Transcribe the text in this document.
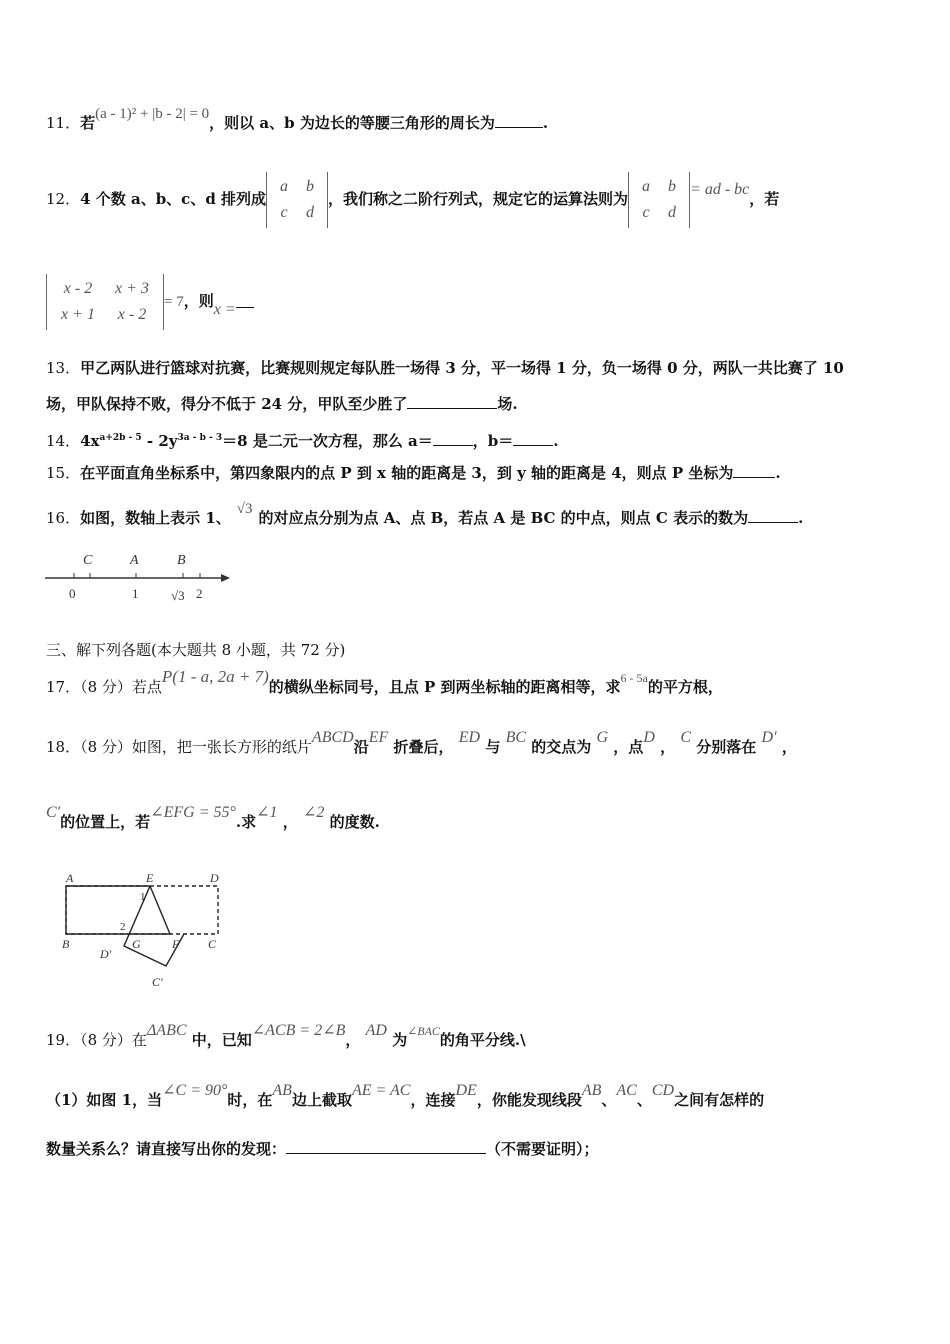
11．若(a - 1)² + |b - 2| = 0，则以 a、b 为边长的等腰三角形的周长为	.
12．4 个数 a、b、c、d 排列成
a b
c d
，我们称之二阶行列式，规定它的运算法则为
a b
c d
= ad - bc，若
x - 2 x + 3
x + 1 x - 2
= 7，则x =
13．甲乙两队进行篮球对抗赛，比赛规则规定每队胜一场得 3 分，平一场得 1 分，负一场得 0 分，两队一共比赛了 10
场，甲队保持不败，得分不低于 24 分，甲队至少胜了	场.
14．$4x^{a+2b - 5} - 2y^{3a - b - 3}=8$ 是二元一次方程，那么 a＝	，b＝	.
15．在平面直角坐标系中，第四象限内的点 P 到 x 轴的距离是 3，到 y 轴的距离是 4，则点 P 坐标为	.
16．如图，数轴上表示 1、 √3 的对应点分别为点 A、点 B，若点 A 是 BC 的中点，则点 C 表示的数为	.
C	A	B
0	1	√3 2
三、解下列各题(本大题共 8 小题，共 72 分)
17．（8 分）若点P(1 - a, 2a + 7)的横纵坐标同号，且点 P 到两坐标轴的距离相等，求$^{6 - 5a}$的平方根，
18．（8 分）如图，把一张长方形的纸片ABCD沿EF 折叠后， ED 与 BC 的交点为 G ，点D ， C 分别落在 D′ ，
C′的位置上，若∠EFG = 55°.求∠1 ， ∠2 的度数.
A	E	D
B	G	F C
D′
C′
1
2
19．（8 分）在ΔABC 中，已知∠ACB = 2∠B， AD 为$^{\angle BAC}$的角平分线.\
（1）如图 1，当∠C = 90°时，在AB边上截取AE = AC，连接DE，你能发现线段AB、AC、CD之间有怎样的
数量关系么？请直接写出你的发现：	（不需要证明）；
